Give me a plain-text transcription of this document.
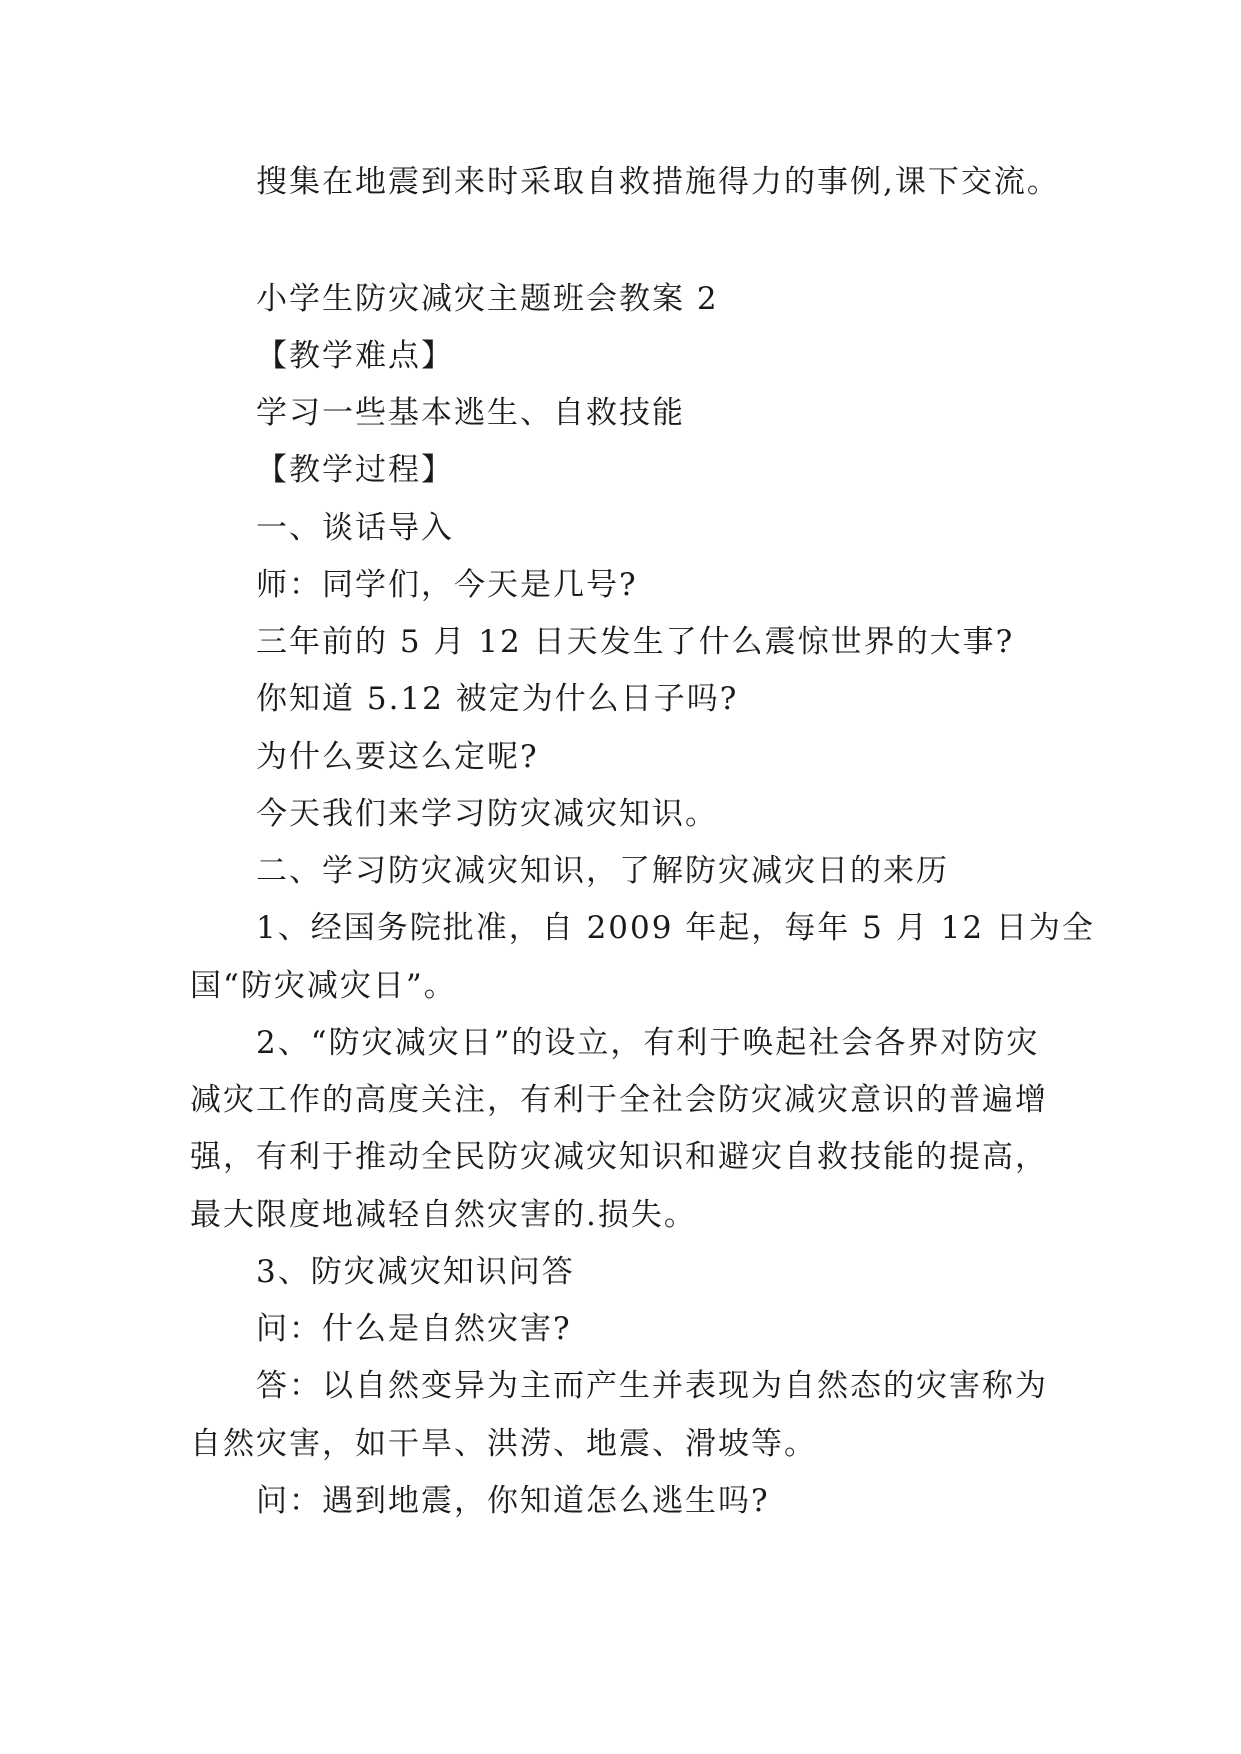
搜集在地震到来时采取自救措施得力的事例,课下交流。
小学生防灾减灾主题班会教案 2
【教学难点】
学习一些基本逃生、自救技能
【教学过程】
一、谈话导入
师：同学们，今天是几号?
三年前的 5 月 12 日天发生了什么震惊世界的大事?
你知道 5.12 被定为什么日子吗?
为什么要这么定呢?
今天我们来学习防灾减灾知识。
二、学习防灾减灾知识，了解防灾减灾日的来历
1、经国务院批准，自 2009 年起，每年 5 月 12 日为全
国“防灾减灾日”。
2、“防灾减灾日”的设立，有利于唤起社会各界对防灾
减灾工作的高度关注，有利于全社会防灾减灾意识的普遍增
强，有利于推动全民防灾减灾知识和避灾自救技能的提高，
最大限度地减轻自然灾害的.损失。
3、防灾减灾知识问答
问：什么是自然灾害?
答：以自然变异为主而产生并表现为自然态的灾害称为
自然灾害，如干旱、洪涝、地震、滑坡等。
问：遇到地震，你知道怎么逃生吗?
